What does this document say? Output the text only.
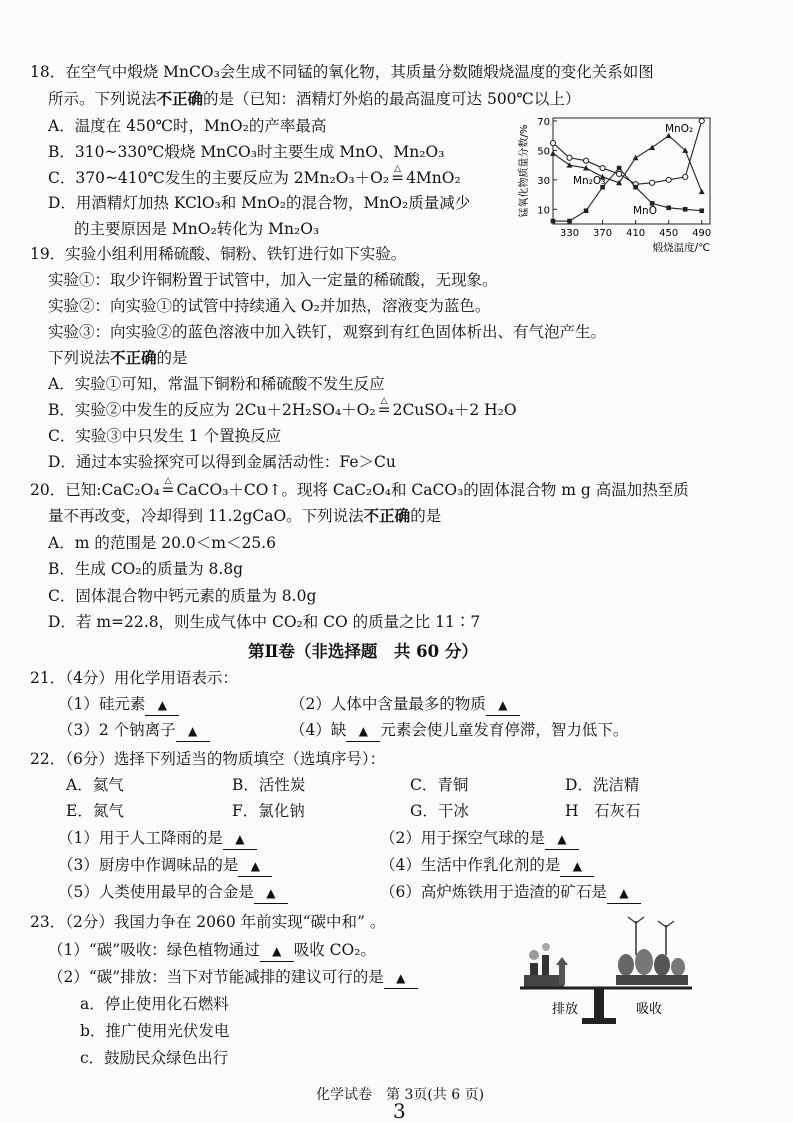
18．在空气中煅烧 MnCO₃会生成不同锰的氧化物，其质量分数随煅烧温度的变化关系如图
所示。下列说法不正确的是（已知：酒精灯外焰的最高温度可达 500℃以上）
A．温度在 450℃时，MnO₂的产率最高
B．310~330℃煅烧 MnCO₃时主要生成 MnO、Mn₂O₃
C．370~410℃发生的主要反应为 2Mn₂O₃＋O₂ △ = 4MnO₂
D．用酒精灯加热 KClO₃和 MnO₂的混合物，MnO₂质量减少
的主要原因是 MnO₂转化为 Mn₂O₃
10
30
50
70
330 370 410 450 490
锰氧化物质量分数/%
煅烧温度/℃
MnO₂
Mn₂O₃
MnO
19．实验小组利用稀硫酸、铜粉、铁钉进行如下实验。
实验①：取少许铜粉置于试管中，加入一定量的稀硫酸，无现象。
实验②：向实验①的试管中持续通入 O₂并加热，溶液变为蓝色。
实验③：向实验②的蓝色溶液中加入铁钉，观察到有红色固体析出、有气泡产生。
下列说法不正确的是
A．实验①可知，常温下铜粉和稀硫酸不发生反应
B．实验②中发生的反应为 2Cu＋2H₂SO₄＋O₂ △ = 2CuSO₄＋2 H₂O
C．实验③中只发生 1 个置换反应
D．通过本实验探究可以得到金属活动性：Fe＞Cu
20．已知:CaC₂O₄ △ = CaCO₃＋CO↑。现将 CaC₂O₄和 CaCO₃的固体混合物 m g 高温加热至质
量不再改变，冷却得到 11.2gCaO。下列说法不正确的是
A．m 的范围是 20.0＜m＜25.6
B．生成 CO₂的质量为 8.8g
C．固体混合物中钙元素的质量为 8.0g
D．若 m=22.8，则生成气体中 CO₂和 CO 的质量之比 11∶7
第Ⅱ卷（非选择题　共 60 分）
21．（4分）用化学用语表示：
（1）硅元素 ▲	（2）人体中含量最多的物质 ▲
（3）2 个钠离子 ▲	（4）缺 ▲ 元素会使儿童发育停滞，智力低下。
22．（6分）选择下列适当的物质填空（选填序号）：
A．氦气	B．活性炭	C．青铜	D．洗洁精
E．氮气	F．氯化钠	G．干冰	H　石灰石
（1）用于人工降雨的是 ▲	（2）用于探空气球的是 ▲
（3）厨房中作调味品的是 ▲	（4）生活中作乳化剂的是 ▲
（5）人类使用最早的合金是 ▲	（6）高炉炼铁用于造渣的矿石是 ▲
23．（2分）我国力争在 2060 年前实现“碳中和” 。
（1）“碳”吸收：绿色植物通过 ▲ 吸收 CO₂。
（2）“碳”排放：当下对节能减排的建议可行的是 ▲
a．停止使用化石燃料
b．推广使用光伏发电
c．鼓励民众绿色出行
排放	吸收
化学试卷　第 3页(共 6 页)
3
